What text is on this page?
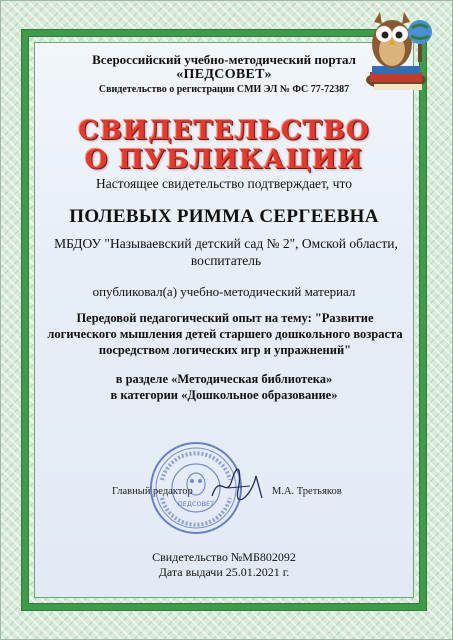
Всероссийский учебно-методический портал
«ПЕДСОВЕТ»
Свидетельство о регистрации СМИ ЭЛ № ФС 77-72387
СВИДЕТЕЛЬСТВО
О ПУБЛИКАЦИИ
Настоящее свидетельство подтверждает, что
ПОЛЕВЫХ РИММА СЕРГЕЕВНА
МБДОУ "Называевский детский сад № 2", Омской области, воспитатель
опубликовал(а) учебно-методический материал
Передовой педагогический опыт на тему: "Развитие логического мышления детей старшего дошкольного возраста посредством логических игр и упражнений"
в разделе «Методическая библиотека»
в категории «Дошкольное образование»
ПЕДСОВЕТ
Главный редактор	М.А. Третьяков
Свидетельство №МБ802092
Дата выдачи 25.01.2021 г.
